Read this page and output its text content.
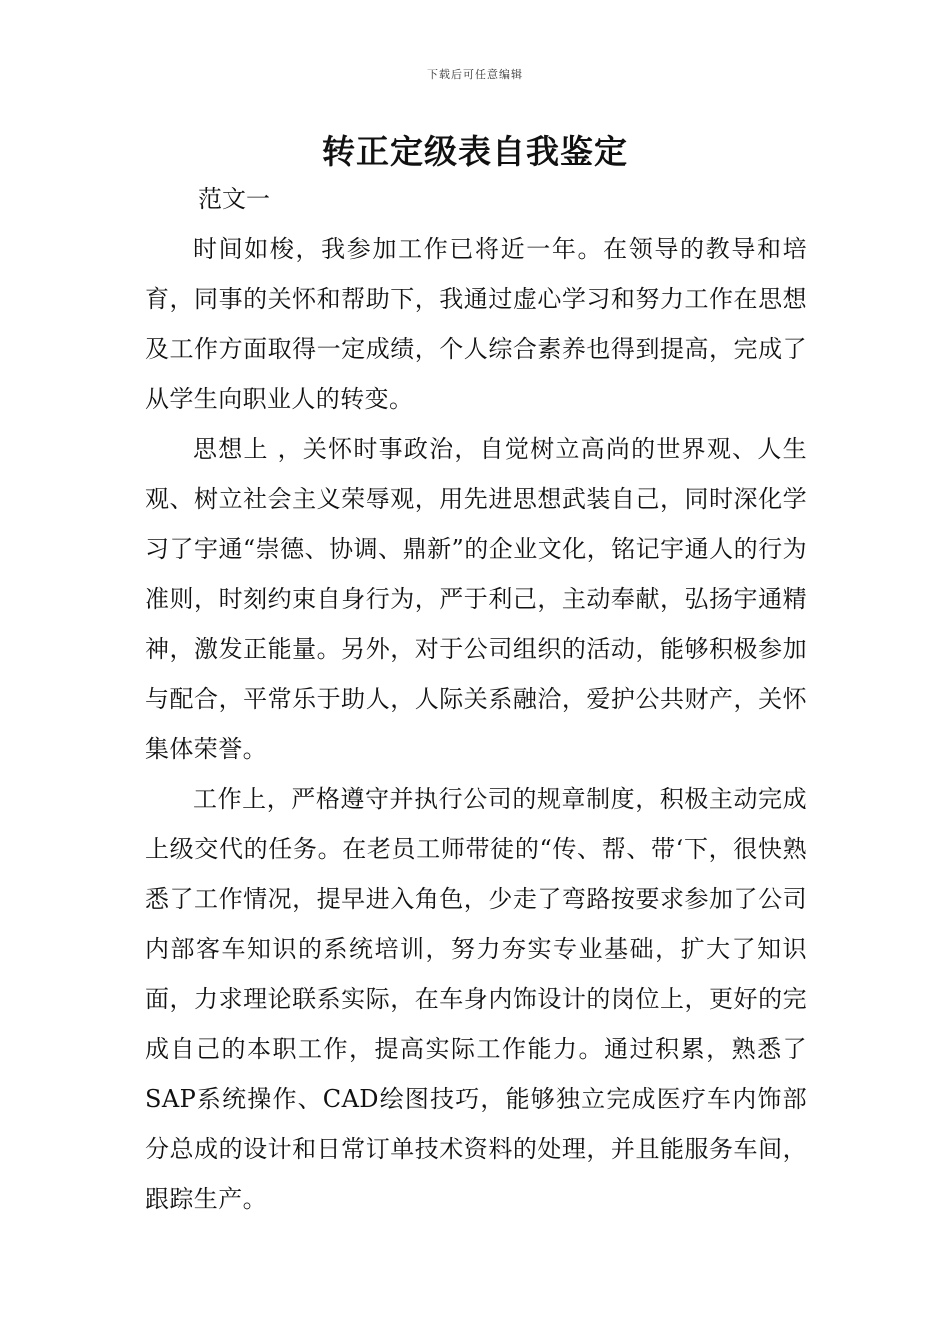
下载后可任意编辑
转正定级表自我鉴定
范文一

时间如梭，我参加工作已将近一年。在领导的教导和培育，同事的关怀和帮助下，我通过虚心学习和努力工作在思想及工作方面取得一定成绩，个人综合素养也得到提高，完成了从学生向职业人的转变。

思想上 ，关怀时事政治，自觉树立高尚的世界观、人生观、树立社会主义荣辱观，用先进思想武装自己，同时深化学习了宇通“崇德、协调、鼎新”的企业文化，铭记宇通人的行为准则，时刻约束自身行为，严于利己，主动奉献，弘扬宇通精神，激发正能量。另外，对于公司组织的活动，能够积极参加与配合，平常乐于助人，人际关系融洽，爱护公共财产，关怀集体荣誉。

工作上，严格遵守并执行公司的规章制度，积极主动完成上级交代的任务。在老员工师带徒的“传、帮、带‘下，很快熟悉了工作情况，提早进入角色，少走了弯路按要求参加了公司内部客车知识的系统培训，努力夯实专业基础，扩大了知识面，力求理论联系实际，在车身内饰设计的岗位上，更好的完成自己的本职工作，提高实际工作能力。通过积累，熟悉了SAP系统操作、CAD绘图技巧，能够独立完成医疗车内饰部分总成的设计和日常订单技术资料的处理，并且能服务车间，跟踪生产。
